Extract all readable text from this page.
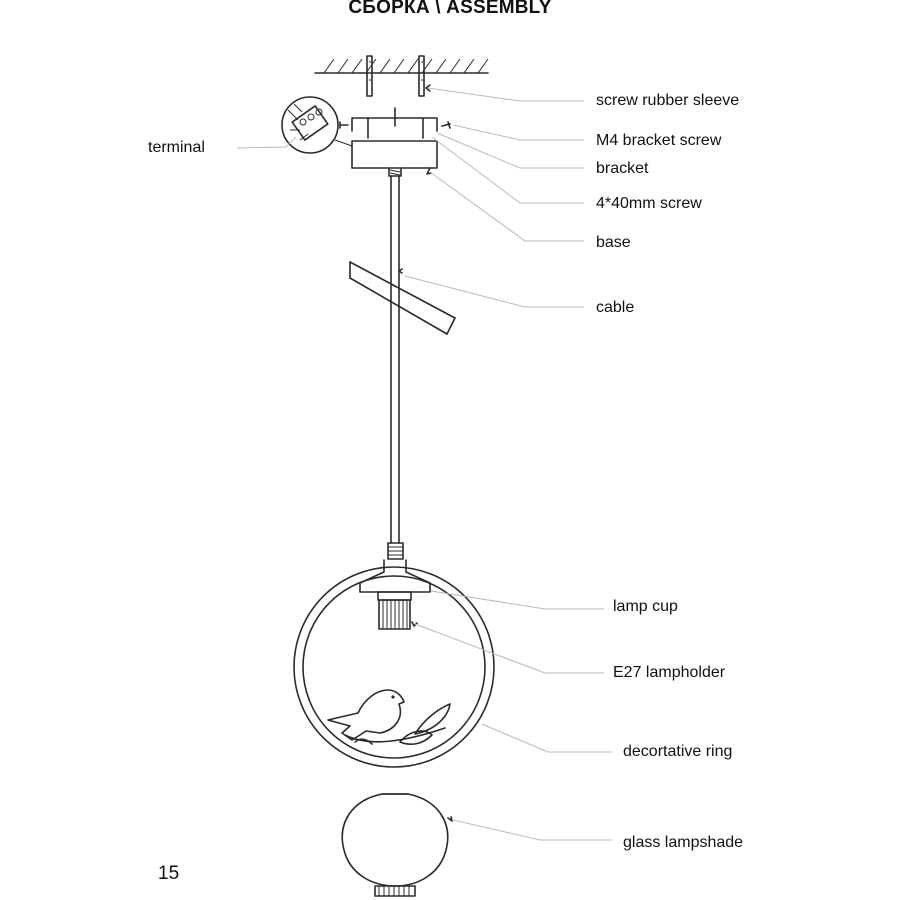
СБОРКА \ ASSEMBLY
15
terminal
screw rubber sleeve
M4 bracket screw
bracket
4*40mm screw
base
cable
lamp cup
E27 lampholder
decortative ring
glass lampshade
